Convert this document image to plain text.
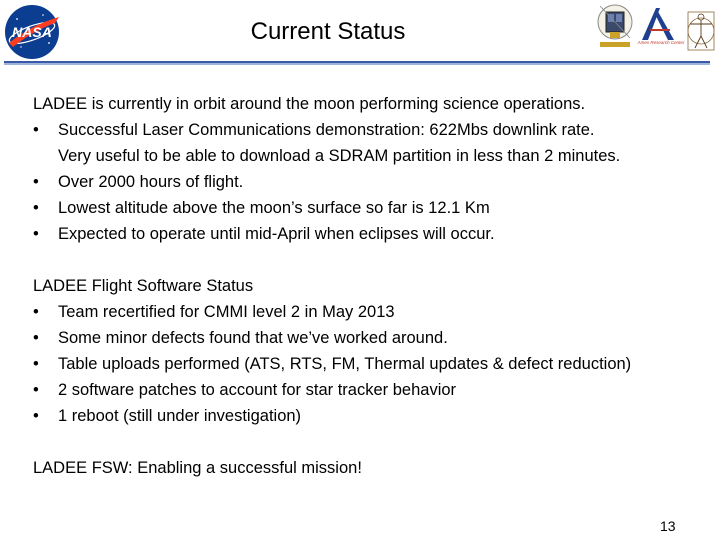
NASA	Current Status	Ames Research Center
LADEE is currently in orbit around the moon performing science operations.
• Successful Laser Communications demonstration: 622Mbs downlink rate.
Very useful to be able to download a SDRAM partition in less than 2 minutes.
• Over 2000 hours of flight.
• Lowest altitude above the moon’s surface so far is 12.1 Km
• Expected to operate until mid-April when eclipses will occur.
LADEE Flight Software Status
• Team recertified for CMMI level 2 in May 2013
• Some minor defects found that we’ve worked around.
• Table uploads performed (ATS, RTS, FM, Thermal updates & defect reduction)
• 2 software patches to account for star tracker behavior
• 1 reboot (still under investigation)
LADEE FSW: Enabling a successful mission!
13
